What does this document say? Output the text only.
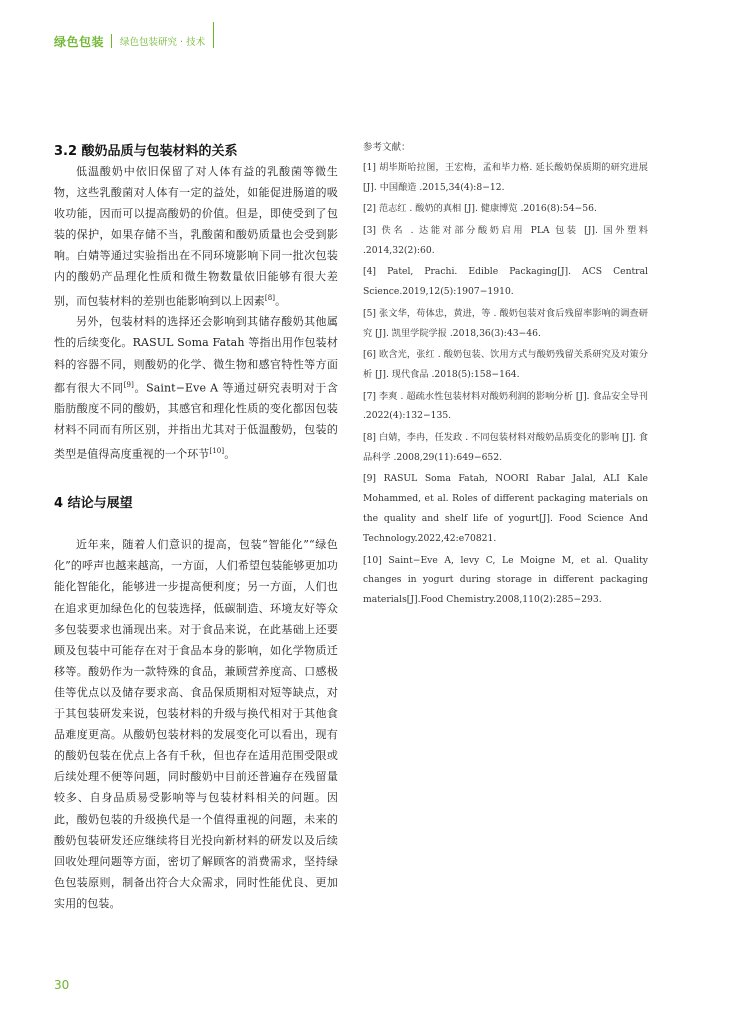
绿色包装 绿色包装研究 · 技术
3.2 酸奶品质与包装材料的关系

低温酸奶中依旧保留了对人体有益的乳酸菌等微生物，这些乳酸菌对人体有一定的益处，如能促进肠道的吸收功能，因而可以提高酸奶的价值。但是，即使受到了包装的保护，如果存储不当，乳酸菌和酸奶质量也会受到影响。白婧等通过实验指出在不同环境影响下同一批次包装内的酸奶产品理化性质和微生物数量依旧能够有很大差别，而包装材料的差别也能影响到以上因素[8]。

另外，包装材料的选择还会影响到其储存酸奶其他属性的后续变化。RASUL Soma Fatah 等指出用作包装材料的容器不同，则酸奶的化学、微生物和感官特性等方面都有很大不同[9]。Saint−Eve A 等通过研究表明对于含脂肪酸度不同的酸奶，其感官和理化性质的变化都因包装材料不同而有所区别，并指出尤其对于低温酸奶，包装的类型是值得高度重视的一个环节[10]。

4 结论与展望

近年来，随着人们意识的提高，包装“智能化”“绿色化”的呼声也越来越高，一方面，人们希望包装能够更加功能化智能化，能够进一步提高便利度；另一方面，人们也在追求更加绿色化的包装选择，低碳制造、环境友好等众多包装要求也涌现出来。对于食品来说，在此基础上还要顾及包装中可能存在对于食品本身的影响，如化学物质迁移等。酸奶作为一款特殊的食品，兼顾营养度高、口感极佳等优点以及储存要求高、食品保质期相对短等缺点，对于其包装研发来说，包装材料的升级与换代相对于其他食品难度更高。从酸奶包装材料的发展变化可以看出，现有的酸奶包装在优点上各有千秋，但也存在适用范围受限或后续处理不便等问题，同时酸奶中目前还普遍存在残留量较多、自身品质易受影响等与包装材料相关的问题。因此，酸奶包装的升级换代是一个值得重视的问题，未来的酸奶包装研发还应继续将目光投向新材料的研发以及后续回收处理问题等方面，密切了解顾客的消费需求，坚持绿色包装原则，制备出符合大众需求，同时性能优良、更加实用的包装。

参考文献：

[1] 胡毕斯哈拉图，王宏梅，孟和毕力格. 延长酸奶保质期的研究进展 [J]. 中国酿造 .2015,34(4):8−12.
[2] 范志红 . 酸奶的真相 [J]. 健康博览 .2016(8):54−56.
[3] 佚名 . 达能对部分酸奶启用 PLA 包装 [J]. 国外塑料 .2014,32(2):60.
[4] Patel, Prachi. Edible Packaging[J]. ACS Central Science.2019,12(5):1907−1910.
[5] 张文华，苟体忠，黄进，等 . 酸奶包装对食后残留率影响的调查研究 [J]. 凯里学院学报 .2018,36(3):43−46.
[6] 欧含光，张红 . 酸奶包装、饮用方式与酸奶残留关系研究及对策分析 [J]. 现代食品 .2018(5):158−164.
[7] 李爽 . 超疏水性包装材料对酸奶利润的影响分析 [J]. 食品安全导刊 .2022(4):132−135.
[8] 白婧，李冉，任发政 . 不同包装材料对酸奶品质变化的影响 [J]. 食品科学 .2008,29(11):649−652.
[9] RASUL Soma Fatah, NOORI Rabar Jalal, ALI Kale Mohammed, et al. Roles of different packaging materials on the quality and shelf life of yogurt[J]. Food Science And Technology.2022,42:e70821.
[10] Saint−Eve A, levy C, Le Moigne M, et al. Quality changes in yogurt during storage in different packaging materials[J].Food Chemistry.2008,110(2):285−293.
30
